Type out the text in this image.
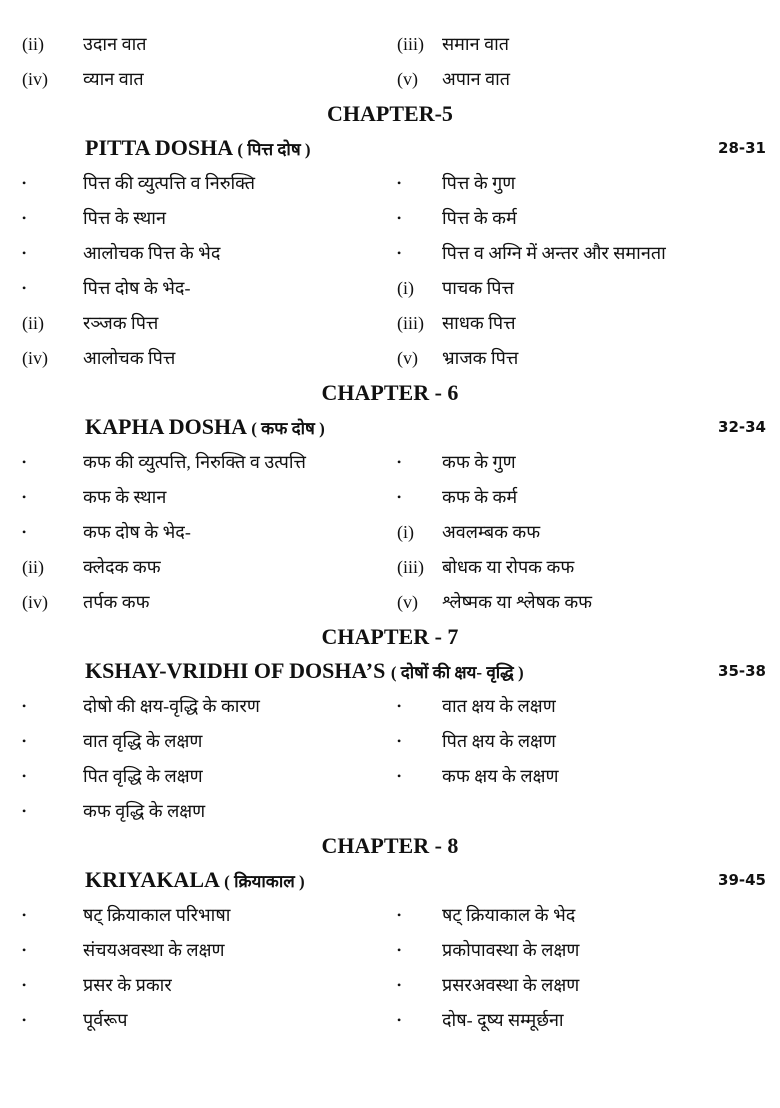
(ii) उदान वात	(iii) समान वात
(iv) व्यान वात	(v) अपान वात
CHAPTER-5
PITTA DOSHA ( पित्त दोष )	28-31
•	पित्त की व्युत्पत्ति व निरुक्ति	• पित्त के गुण
•	पित्त के स्थान	• पित्त के कर्म
•	आलोचक पित्त के भेद	• पित्त व अग्नि में अन्तर और समानता
•	पित्त दोष के भेद-	(i) पाचक पित्त
(ii) रञ्जक पित्त	(iii) साधक पित्त
(iv) आलोचक पित्त	(v) भ्राजक पित्त
CHAPTER - 6
KAPHA DOSHA ( कफ दोष )	32-34
•	कफ की व्युत्पत्ति, निरुक्ति व उत्पत्ति	• कफ के गुण
•	कफ के स्थान	• कफ के कर्म
•	कफ दोष के भेद-	(i) अवलम्बक कफ
(ii) क्लेदक कफ	(iii) बोधक या रोपक कफ
(iv) तर्पक कफ	(v) श्लेष्मक या श्लेषक कफ
CHAPTER - 7
KSHAY-VRIDHI OF DOSHA’S ( दोषों की क्षय- वृद्धि )	35-38
•	दोषो की क्षय-वृद्धि के कारण	• वात क्षय के लक्षण
•	वात वृद्धि के लक्षण	• पित क्षय के लक्षण
•	पित वृद्धि के लक्षण	• कफ क्षय के लक्षण
•	कफ वृद्धि के लक्षण
CHAPTER - 8
KRIYAKALA ( क्रियाकाल )	39-45
•	षट् क्रियाकाल परिभाषा	• षट् क्रियाकाल के भेद
•	संचयअवस्था के लक्षण	• प्रकोपावस्था के लक्षण
•	प्रसर के प्रकार	• प्रसरअवस्था के लक्षण
•	पूर्वरूप	• दोष- दूष्य सम्मूर्छना
